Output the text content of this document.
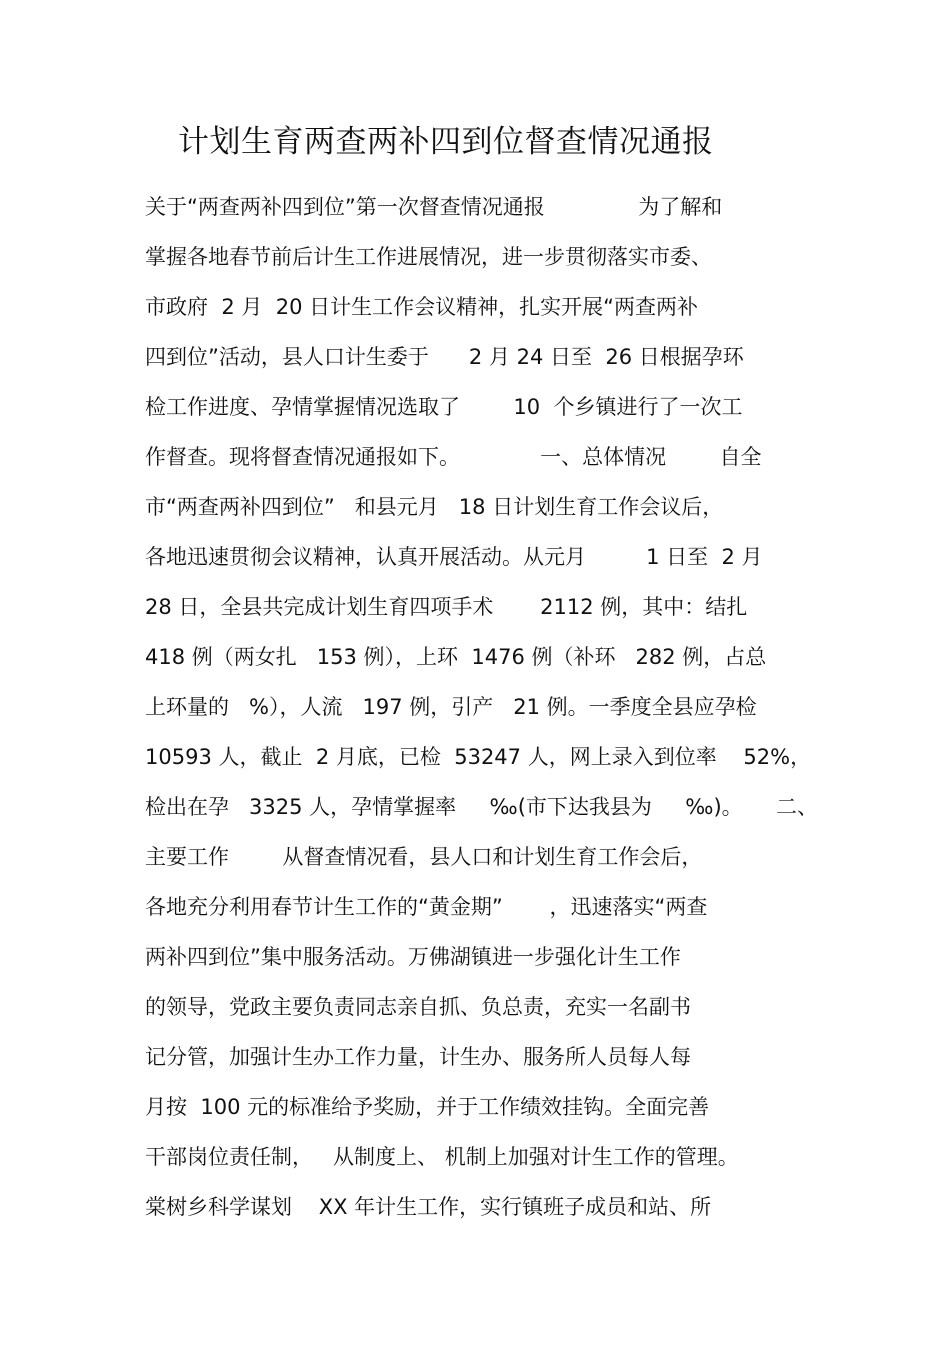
计划生育两查两补四到位督查情况通报
关于“两查两补四到位”第一次督查情况通报              为了解和
掌握各地春节前后计生工作进展情况，进一步贯彻落实市委、
市政府  2 月  20 日计生工作会议精神，扎实开展“两查两补
四到位”活动，县人口计生委于      2 月 24 日至  26 日根据孕环
检工作进度、孕情掌握情况选取了        10  个乡镇进行了一次工
作督查。现将督查情况通报如下。            一、总体情况        自全
市“两查两补四到位”   和县元月   18 日计划生育工作会议后，
各地迅速贯彻会议精神，认真开展活动。从元月         1 日至  2 月
28 日，全县共完成计划生育四项手术       2112 例，其中：结扎
418 例（两女扎   153 例），上环  1476 例（补环   282 例，占总
上环量的   %），人流   197 例，引产   21 例。一季度全县应孕检
10593 人，截止  2 月底，已检  53247 人，网上录入到位率    52%，
检出在孕   3325 人，孕情掌握率     ‰(市下达我县为     ‰)。     二、
主要工作        从督查情况看，县人口和计划生育工作会后，
各地充分利用春节计生工作的“黄金期”       ，迅速落实“两查
两补四到位”集中服务活动。万佛湖镇进一步强化计生工作
的领导，党政主要负责同志亲自抓、负总责，充实一名副书
记分管，加强计生办工作力量，计生办、服务所人员每人每
月按  100 元的标准给予奖励，并于工作绩效挂钩。全面完善
干部岗位责任制，   从制度上、 机制上加强对计生工作的管理。
棠树乡科学谋划    XX 年计生工作，实行镇班子成员和站、所
